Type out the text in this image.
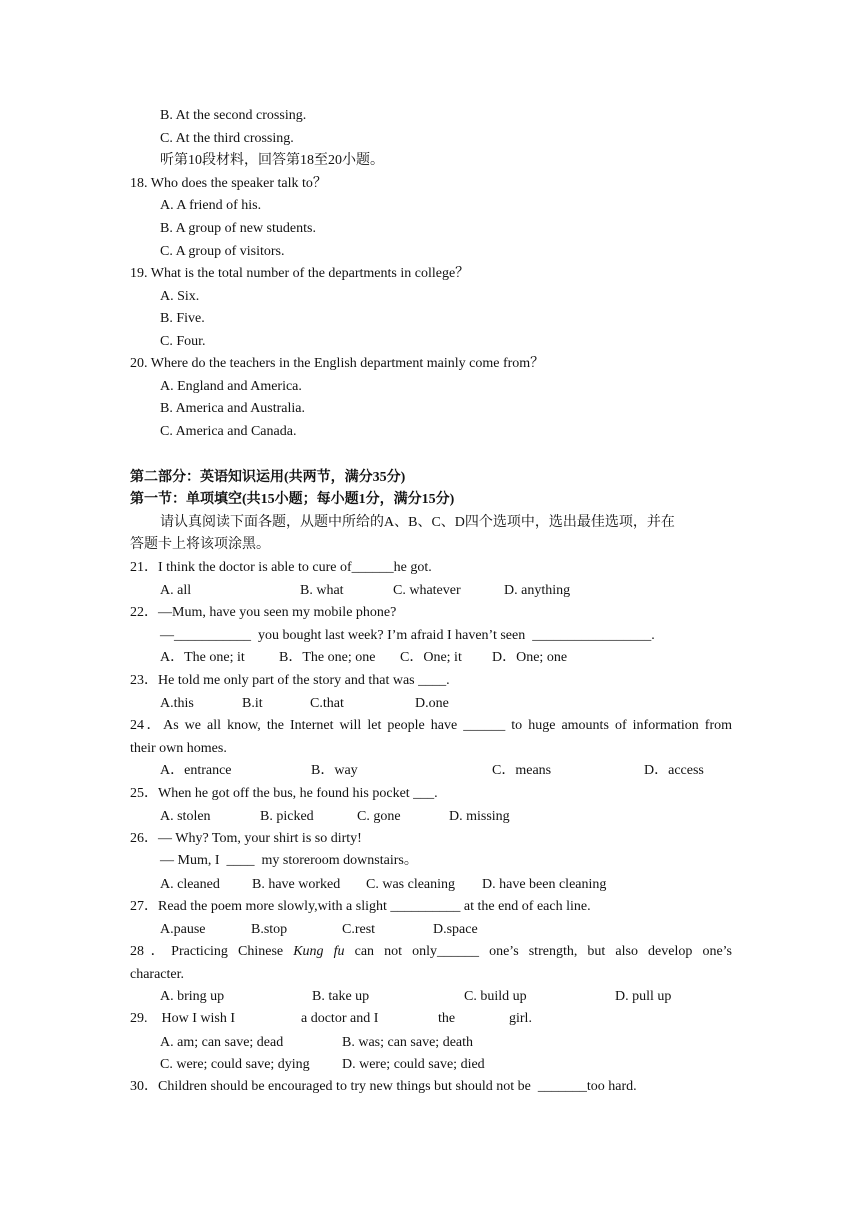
B. At the second crossing.
C. At the third crossing.
听第10段材料，回答第18至20小题。
18. Who does the speaker talk to？
A. A friend of his.
B. A group of new students.
C. A group of visitors.
19. What is the total number of the departments in college？
A. Six.
B. Five.
C. Four.
20. Where do the teachers in the English department mainly come from？
A. England and America.
B. America and Australia.
C. America and Canada.
第二部分：英语知识运用(共两节，满分35分)
第一节：单项填空(共15小题；每小题1分，满分15分)
请认真阅读下面各题，从题中所给的A、B、C、D四个选项中，选出最佳选项，并在
答题卡上将该项涂黑。
21．I think the doctor is able to cure of______he got.
A. all	B. what	C. whatever	D. anything
22．—Mum, have you seen my mobile phone?
—___________  you bought last week? I’m afraid I haven’t seen  _________________.
A．The one; it B．The one; one C．One; it D．One; one
23．He told me only part of the story and that was ____.
A.this	B.it	C.that	D.one
24．As we all know, the Internet will let people have ______ to huge amounts of information from
their own homes.
A．entrance	B．way	C．means	D．access
25．When he got off the bus, he found his pocket ___.
A. stolen	B. picked	C. gone	D. missing
26．— Why? Tom, your shirt is so dirty!
— Mum, I  ____  my storeroom downstairs。
A. cleaned B. have worked C. was cleaning D. have been cleaning
27．Read the poem more slowly,with a slight __________ at the end of each line.
A.pause	B.stop	C.rest	D.space
28．Practicing Chinese Kung fu can not only______ one’s strength, but also develop one’s
character.
A. bring up	B. take up	C. build up	D. pull up
29.　How I wish I	a doctor and I	the	girl.
A. am; can save; dead	B. was; can save; death
C. were; could save; dying D. were; could save; died
30．Children should be encouraged to try new things but should not be  _______too hard.
